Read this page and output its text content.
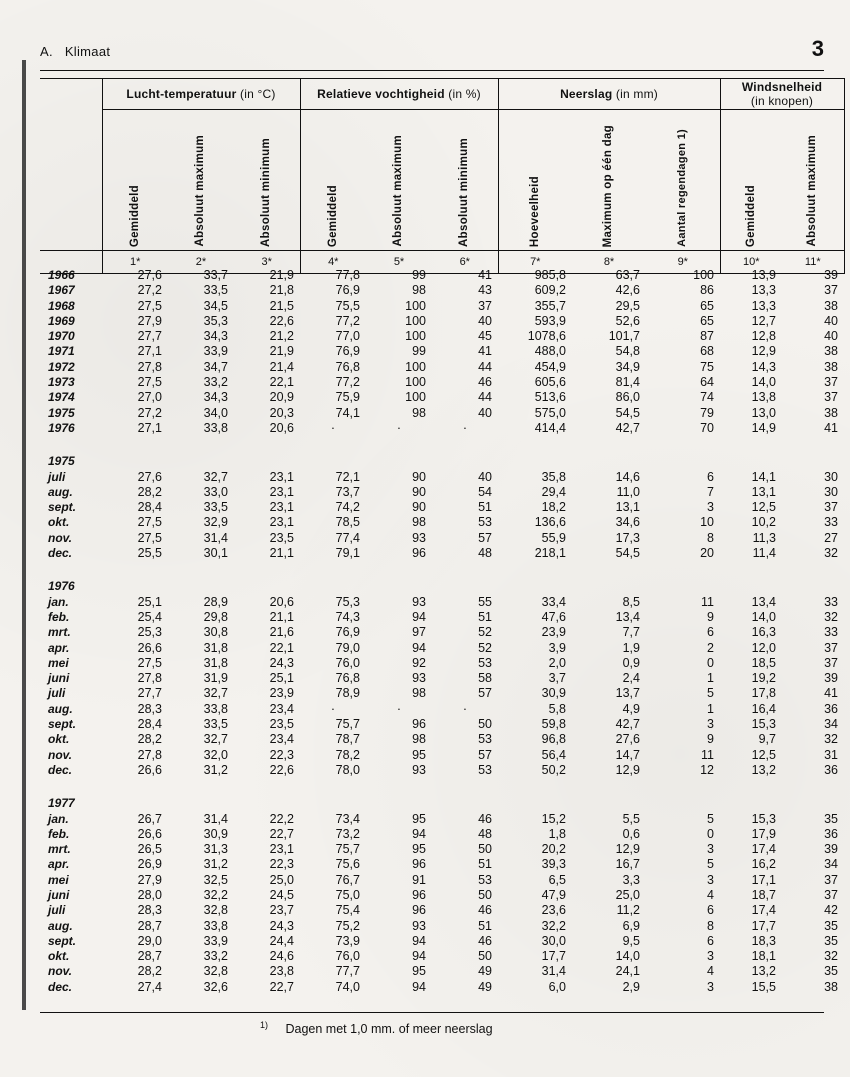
A. Klimaat	3
	Lucht-temperatuur (in °C)			Relatieve vochtigheid (in %)			Neerslag (in mm)			Windsnelheid
(in knopen)	
	Gemiddeld	Absoluut maximum	Absoluut minimum	Gemiddeld	Absoluut maximum	Absoluut minimum	Hoeveelheid	Maximum op één dag	Aantal regendagen 1)	Gemiddeld	Absoluut maximum
	1*	2*	3*	4*	5*	6*	7*	8*	9*	10*	11*
1966	27,6	33,7	21,9	77,8	99	41	985,8	63,7	100	13,9	39
1967	27,2	33,5	21,8	76,9	98	43	609,2	42,6	86	13,3	37
1968	27,5	34,5	21,5	75,5	100	37	355,7	29,5	65	13,3	38
1969	27,9	35,3	22,6	77,2	100	40	593,9	52,6	65	12,7	40
1970	27,7	34,3	21,2	77,0	100	45	1078,6	101,7	87	12,8	40
1971	27,1	33,9	21,9	76,9	99	41	488,0	54,8	68	12,9	38
1972	27,8	34,7	21,4	76,8	100	44	454,9	34,9	75	14,3	38
1973	27,5	33,2	22,1	77,2	100	46	605,6	81,4	64	14,0	37
1974	27,0	34,3	20,9	75,9	100	44	513,6	86,0	74	13,8	37
1975	27,2	34,0	20,3	74,1	98	40	575,0	54,5	79	13,0	38
1976	27,1	33,8	20,6	·	·	·	414,4	42,7	70	14,9	41

1975											
juli	27,6	32,7	23,1	72,1	90	40	35,8	14,6	6	14,1	30
aug.	28,2	33,0	23,1	73,7	90	54	29,4	11,0	7	13,1	30
sept.	28,4	33,5	23,1	74,2	90	51	18,2	13,1	3	12,5	37
okt.	27,5	32,9	23,1	78,5	98	53	136,6	34,6	10	10,2	33
nov.	27,5	31,4	23,5	77,4	93	57	55,9	17,3	8	11,3	27
dec.	25,5	30,1	21,1	79,1	96	48	218,1	54,5	20	11,4	32

1976											
jan.	25,1	28,9	20,6	75,3	93	55	33,4	8,5	11	13,4	33
feb.	25,4	29,8	21,1	74,3	94	51	47,6	13,4	9	14,0	32
mrt.	25,3	30,8	21,6	76,9	97	52	23,9	7,7	6	16,3	33
apr.	26,6	31,8	22,1	79,0	94	52	3,9	1,9	2	12,0	37
mei	27,5	31,8	24,3	76,0	92	53	2,0	0,9	0	18,5	37
juni	27,8	31,9	25,1	76,8	93	58	3,7	2,4	1	19,2	39
juli	27,7	32,7	23,9	78,9	98	57	30,9	13,7	5	17,8	41
aug.	28,3	33,8	23,4	·	·	·	5,8	4,9	1	16,4	36
sept.	28,4	33,5	23,5	75,7	96	50	59,8	42,7	3	15,3	34
okt.	28,2	32,7	23,4	78,7	98	53	96,8	27,6	9	9,7	32
nov.	27,8	32,0	22,3	78,2	95	57	56,4	14,7	11	12,5	31
dec.	26,6	31,2	22,6	78,0	93	53	50,2	12,9	12	13,2	36

1977											
jan.	26,7	31,4	22,2	73,4	95	46	15,2	5,5	5	15,3	35
feb.	26,6	30,9	22,7	73,2	94	48	1,8	0,6	0	17,9	36
mrt.	26,5	31,3	23,1	75,7	95	50	20,2	12,9	3	17,4	39
apr.	26,9	31,2	22,3	75,6	96	51	39,3	16,7	5	16,2	34
mei	27,9	32,5	25,0	76,7	91	53	6,5	3,3	3	17,1	37
juni	28,0	32,2	24,5	75,0	96	50	47,9	25,0	4	18,7	37
juli	28,3	32,8	23,7	75,4	96	46	23,6	11,2	6	17,4	42
aug.	28,7	33,8	24,3	75,2	93	51	32,2	6,9	8	17,7	35
sept.	29,0	33,9	24,4	73,9	94	46	30,0	9,5	6	18,3	35
okt.	28,7	33,2	24,6	76,0	94	50	17,7	14,0	3	18,1	32
nov.	28,2	32,8	23,8	77,7	95	49	31,4	24,1	4	13,2	35
dec.	27,4	32,6	22,7	74,0	94	49	6,0	2,9	3	15,5	38
$^{1)}$ Dagen met 1,0 mm. of meer neerslag
